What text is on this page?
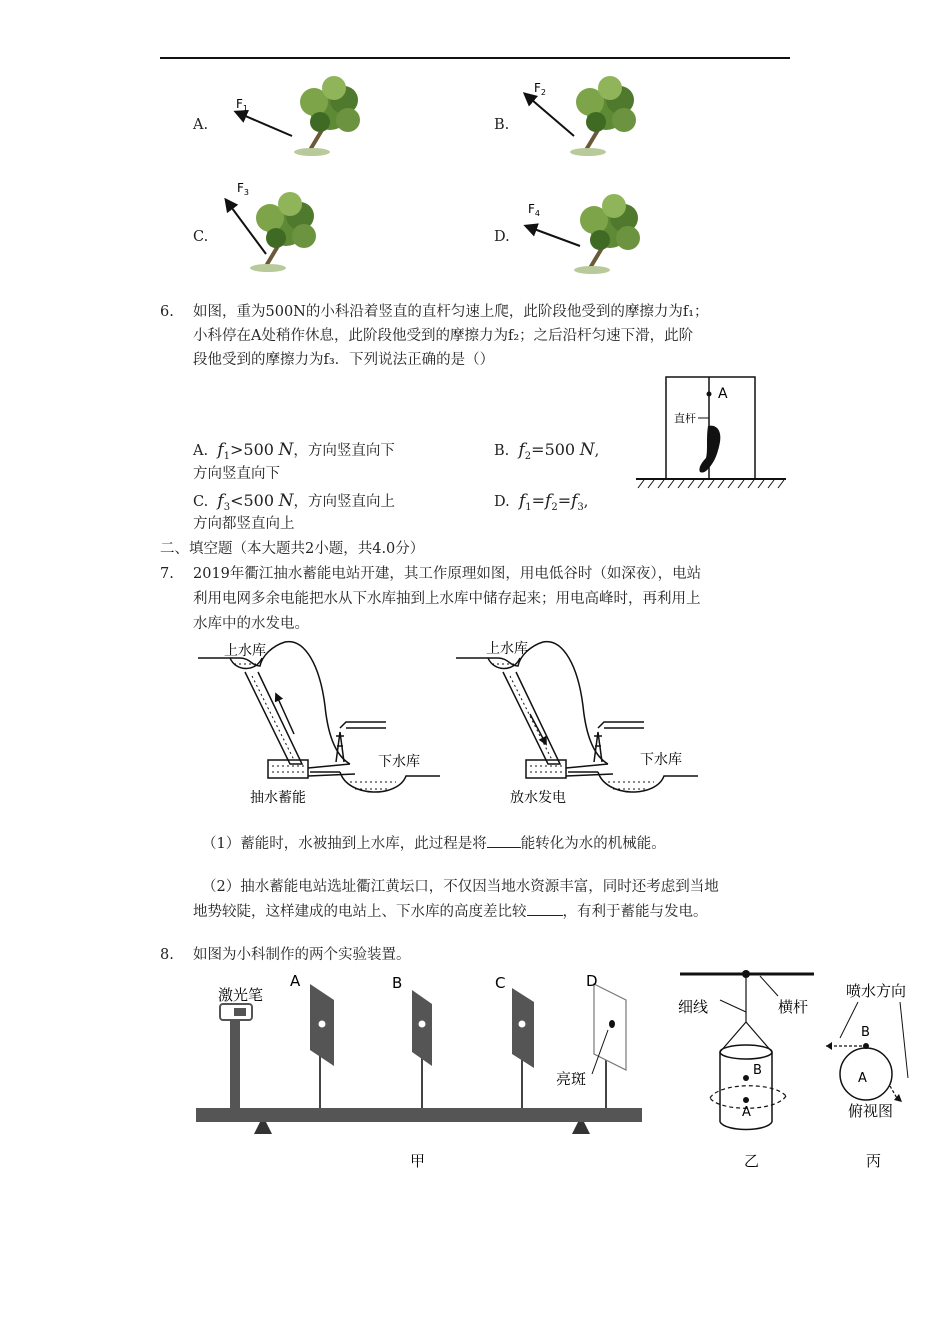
A.	B.
C.	D.
$F_1$
$F_2$
$F_3$
$F_4$
6. 如图，重为500N的小科沿着竖直的直杆匀速上爬，此阶段他受到的摩擦力为f₁；
小科停在A处稍作休息，此阶段他受到的摩擦力为f₂；之后沿杆匀速下滑，此阶
段他受到的摩擦力为f₃．下列说法正确的是（）
A
直杆
A. $f_1>500$ N，方向竖直向下
方向竖直向下
B. $f_2=500$ N,
C. $f_3<500$ N，方向竖直向上
方向都竖直向上
D. $f_1=f_2=f_3$,
二、填空题（本大题共2小题，共4.0分）
7. 2019年衢江抽水蓄能电站开建，其工作原理如图，用电低谷时（如深夜），电站
利用电网多余电能把水从下水库抽到上水库中储存起来；用电高峰时，再利用上
水库中的水发电。
上水库
下水库
抽水蓄能
上水库
下水库
放水发电
（1）蓄能时，水被抽到上水库，此过程是将 能转化为水的机械能。
（2）抽水蓄能电站选址衢江黄坛口，不仅因当地水资源丰富，同时还考虑到当地
地势较陡，这样建成的电站上、下水库的高度差比较 ，有利于蓄能与发电。
8. 如图为小科制作的两个实验装置。
激光笔
A	B	C	D
亮斑
甲
B
A
细线	横杆
乙
喷水方向
B
A
俯视图
丙
